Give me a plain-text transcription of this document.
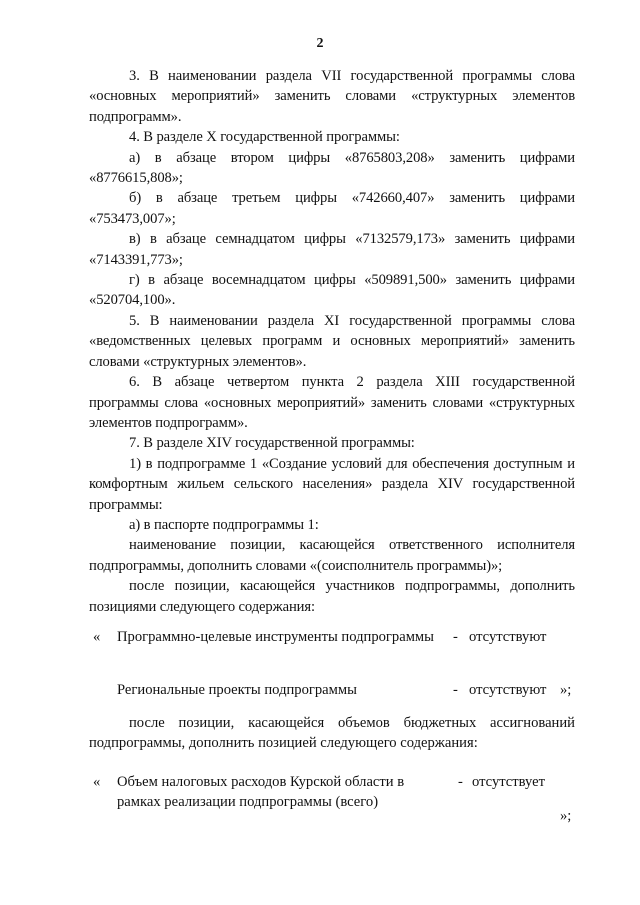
2

3. В наименовании раздела VII государственной программы слова «основных мероприятий» заменить словами «структурных элементов подпрограмм».

4. В разделе X государственной программы:

а) в абзаце втором цифры «8765803,208» заменить цифрами «8776615,808»;

б) в абзаце третьем цифры «742660,407» заменить цифрами «753473,007»;

в) в абзаце семнадцатом цифры «7132579,173» заменить цифрами «7143391,773»;

г) в абзаце восемнадцатом цифры «509891,500» заменить цифрами «520704,100».

5. В наименовании раздела XI государственной программы слова «ведомственных целевых программ и основных мероприятий» заменить словами «структурных элементов».

6. В абзаце четвертом пункта 2 раздела XIII государственной программы слова «основных мероприятий» заменить словами «структурных элементов подпрограмм».

7. В разделе XIV государственной программы:

1) в подпрограмме 1 «Создание условий для обеспечения доступным и комфортным жильем сельского населения» раздела XIV государственной программы:

а) в паспорте подпрограммы 1:

наименование позиции, касающейся ответственного исполнителя подпрограммы, дополнить словами «(соисполнитель программы)»;

после позиции, касающейся участников подпрограммы, дополнить позициями следующего содержания:

« Программно-целевые инструменты подпрограммы - отсутствуют
Региональные проекты подпрограммы	- отсутствуют »;

после позиции, касающейся объемов бюджетных ассигнований подпрограммы, дополнить позицией следующего содержания:

« Объем налоговых расходов Курской области в
рамках реализации подпрограммы (всего)
- отсутствует
»;
